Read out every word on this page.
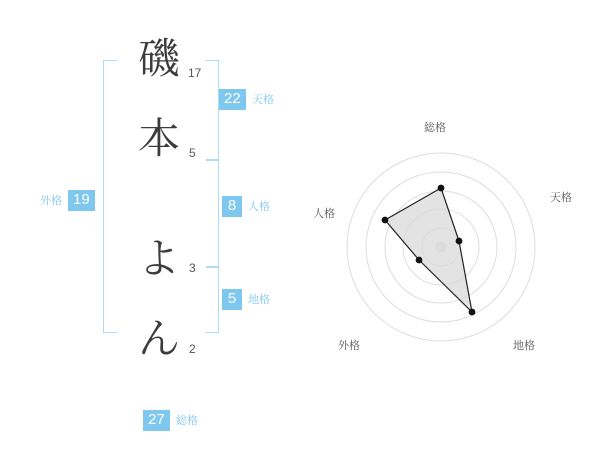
磯 17
本 5
よ 3
ん 2
22	天格
8	人格
5	地格
外格 19
27	総格
総格
天格
地格
外格
人格
